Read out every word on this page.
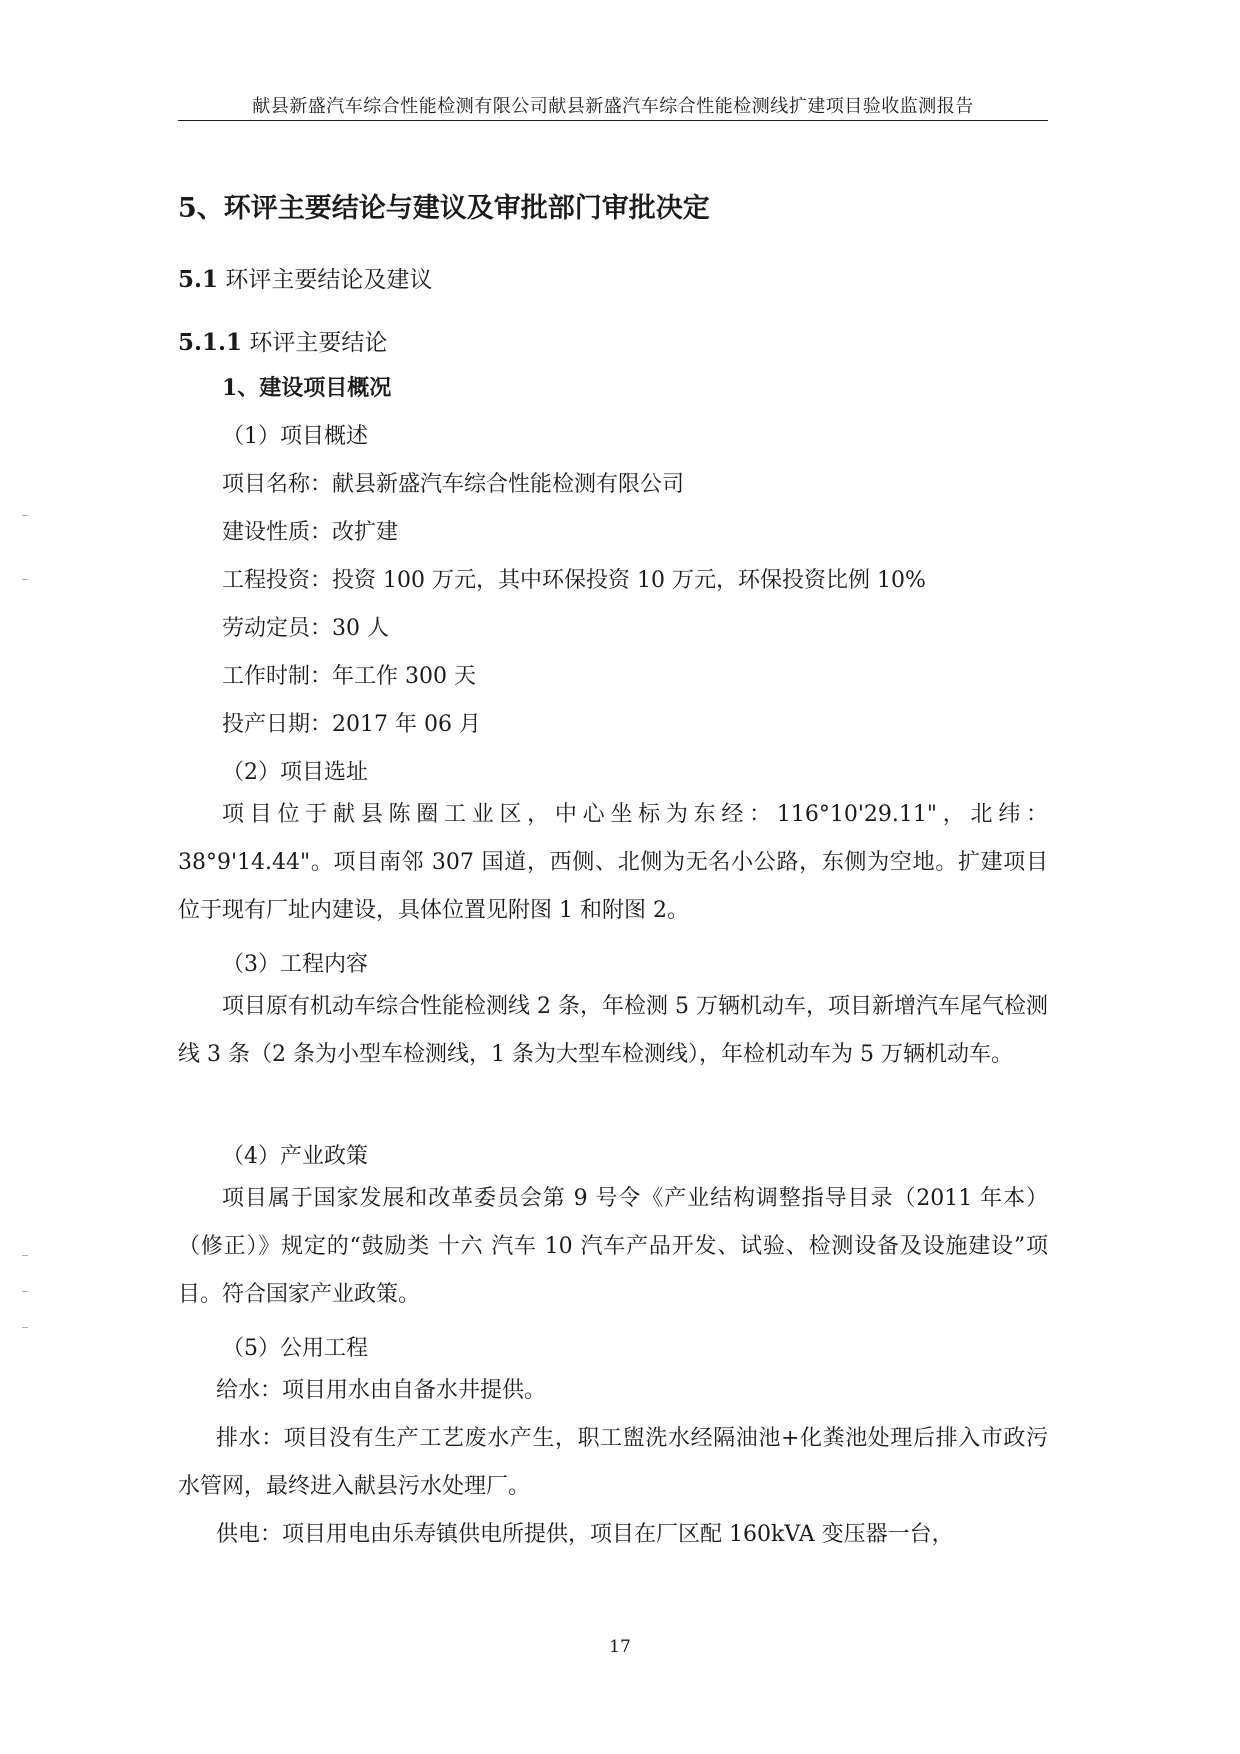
献县新盛汽车综合性能检测有限公司献县新盛汽车综合性能检测线扩建项目验收监测报告
5、环评主要结论与建议及审批部门审批决定
5.1 环评主要结论及建议
5.1.1 环评主要结论
1、建设项目概况
（1）项目概述
项目名称：献县新盛汽车综合性能检测有限公司
建设性质：改扩建
工程投资：投资 100 万元，其中环保投资 10 万元，环保投资比例 10%
劳动定员：30 人
工作时制：年工作 300 天
投产日期：2017 年 06 月
（2）项目选址
项目位于献县陈圈工业区，中心坐标为东经：116°10'29.11"，北纬：38°9'14.44"。项目南邻 307 国道，西侧、北侧为无名小公路，东侧为空地。扩建项目位于现有厂址内建设，具体位置见附图 1 和附图 2。
（3）工程内容
项目原有机动车综合性能检测线 2 条，年检测 5 万辆机动车，项目新增汽车尾气检测线 3 条（2 条为小型车检测线，1 条为大型车检测线），年检机动车为 5 万辆机动车。
（4）产业政策
项目属于国家发展和改革委员会第 9 号令《产业结构调整指导目录（2011 年本）（修正）》规定的“鼓励类 十六 汽车 10 汽车产品开发、试验、检测设备及设施建设”项目。符合国家产业政策。
（5）公用工程
给水：项目用水由自备水井提供。
排水：项目没有生产工艺废水产生，职工盥洗水经隔油池+化粪池处理后排入市政污水管网，最终进入献县污水处理厂。
供电：项目用电由乐寿镇供电所提供，项目在厂区配 160kVA 变压器一台，
17
